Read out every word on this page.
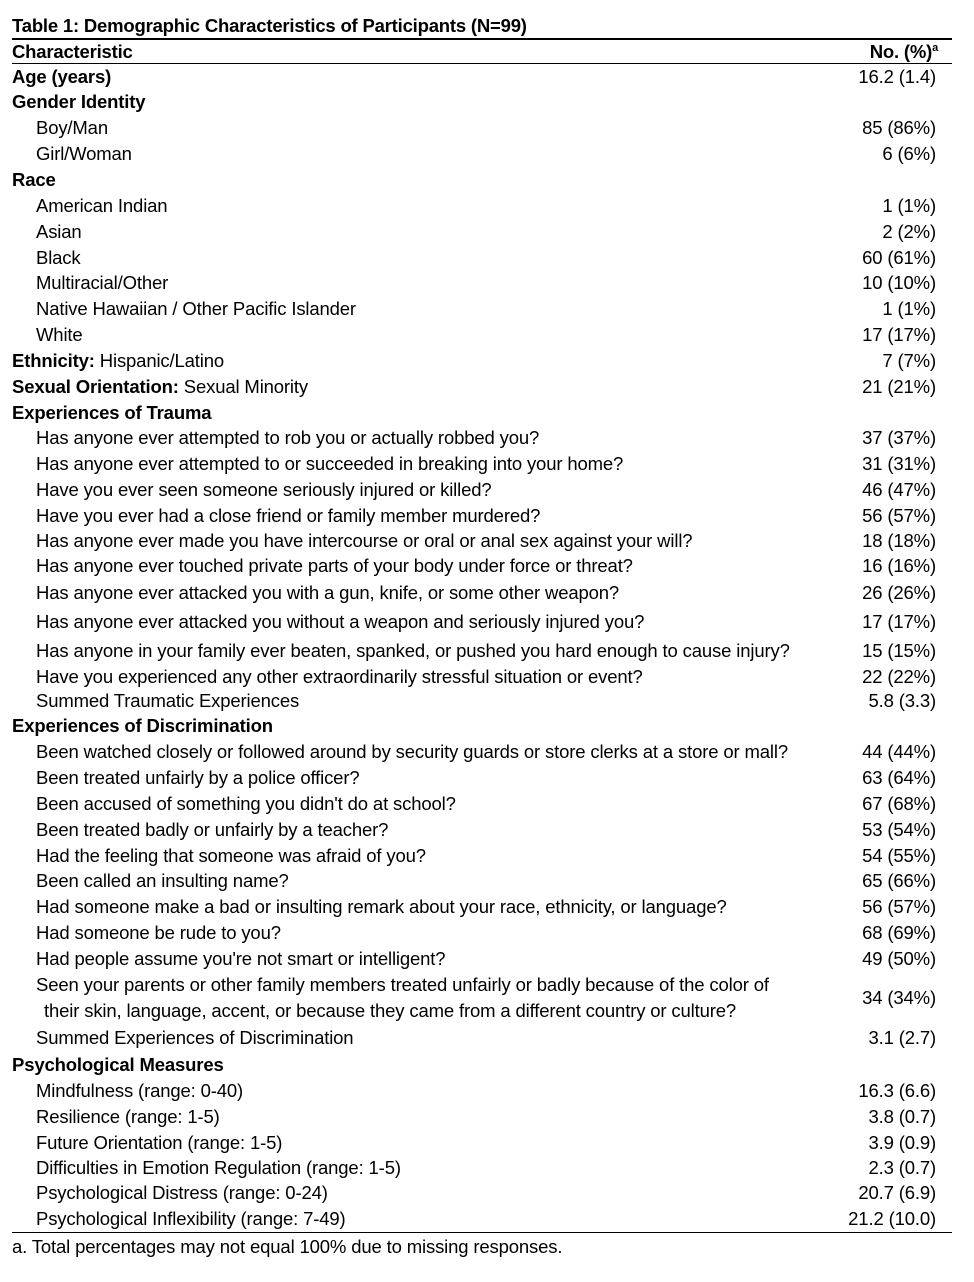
Table 1: Demographic Characteristics of Participants (N=99)
Characteristic	No. (%)$^a$
Age (years)	16.2 (1.4)
Gender Identity
Boy/Man	85 (86%)
Girl/Woman	6 (6%)
Race
American Indian	1 (1%)
Asian	2 (2%)
Black	60 (61%)
Multiracial/Other	10 (10%)
Native Hawaiian / Other Pacific Islander	1 (1%)
White	17 (17%)
Ethnicity: Hispanic/Latino	7 (7%)
Sexual Orientation: Sexual Minority	21 (21%)
Experiences of Trauma
Has anyone ever attempted to rob you or actually robbed you?	37 (37%)
Has anyone ever attempted to or succeeded in breaking into your home?	31 (31%)
Have you ever seen someone seriously injured or killed?	46 (47%)
Have you ever had a close friend or family member murdered?	56 (57%)
Has anyone ever made you have intercourse or oral or anal sex against your will?	18 (18%)
Has anyone ever touched private parts of your body under force or threat?	16 (16%)
Has anyone ever attacked you with a gun, knife, or some other weapon?	26 (26%)
Has anyone ever attacked you without a weapon and seriously injured you?	17 (17%)
Has anyone in your family ever beaten, spanked, or pushed you hard enough to cause injury?	15 (15%)
Have you experienced any other extraordinarily stressful situation or event?	22 (22%)
Summed Traumatic Experiences	5.8 (3.3)
Experiences of Discrimination
Been watched closely or followed around by security guards or store clerks at a store or mall?	44 (44%)
Been treated unfairly by a police officer?	63 (64%)
Been accused of something you didn't do at school?	67 (68%)
Been treated badly or unfairly by a teacher?	53 (54%)
Had the feeling that someone was afraid of you?	54 (55%)
Been called an insulting name?	65 (66%)
Had someone make a bad or insulting remark about your race, ethnicity, or language?	56 (57%)
Had someone be rude to you?	68 (69%)
Had people assume you're not smart or intelligent?	49 (50%)
Seen your parents or other family members treated unfairly or badly because of the color of
their skin, language, accent, or because they came from a different country or culture?
34 (34%)
Summed Experiences of Discrimination	3.1 (2.7)
Psychological Measures
Mindfulness (range: 0-40)	16.3 (6.6)
Resilience (range: 1-5)	3.8 (0.7)
Future Orientation (range: 1-5)	3.9 (0.9)
Difficulties in Emotion Regulation (range: 1-5)	2.3 (0.7)
Psychological Distress (range: 0-24)	20.7 (6.9)
Psychological Inflexibility (range: 7-49)	21.2 (10.0)
a. Total percentages may not equal 100% due to missing responses.
